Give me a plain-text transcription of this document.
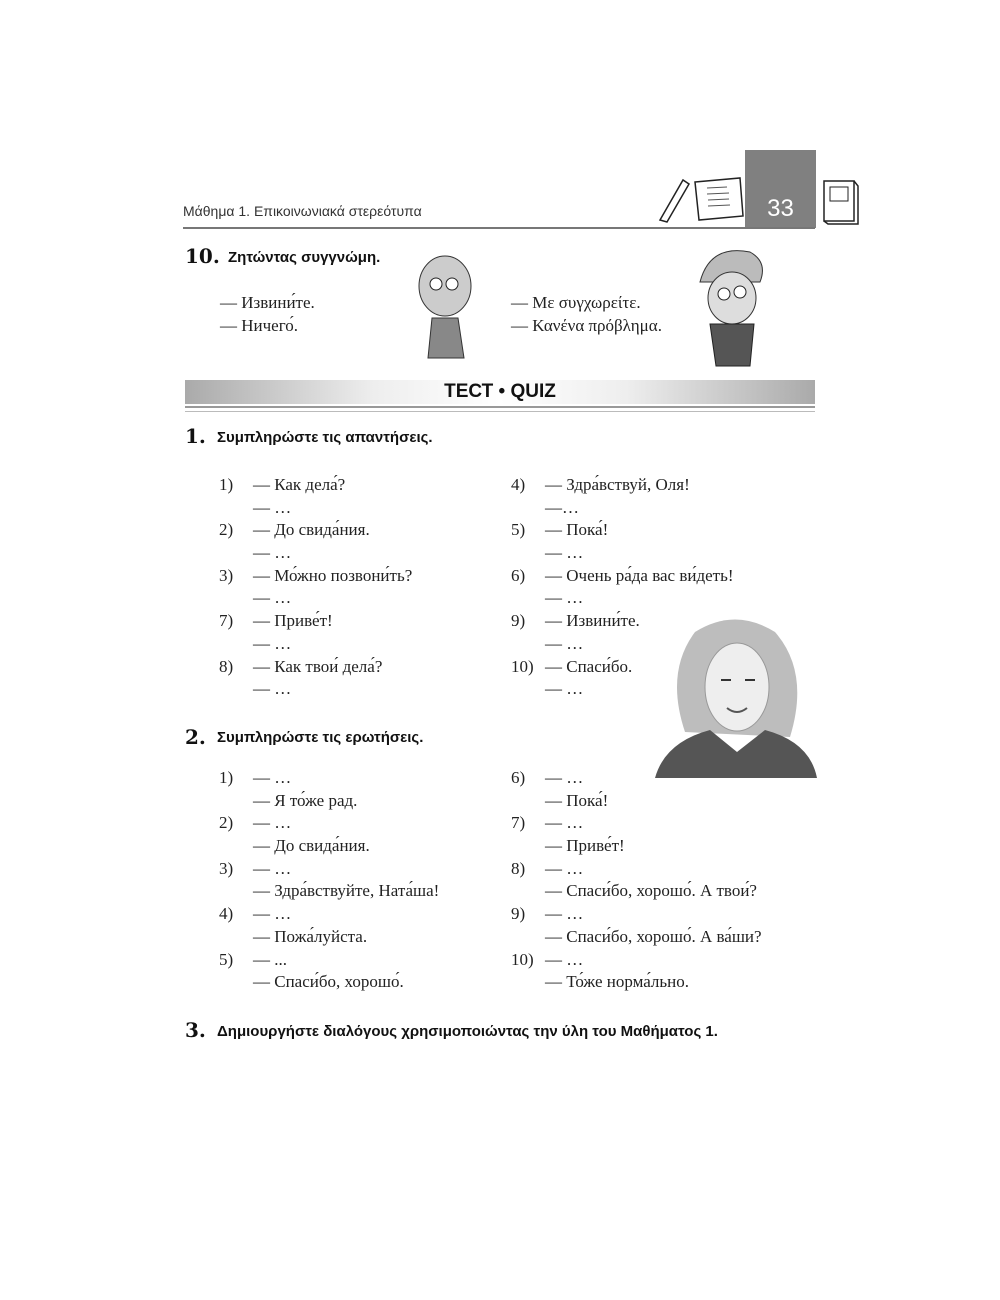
Μάθημα 1. Επικοινωνιακά στερεότυπα	33
10. Ζητώντας συγγνώμη.
— Извини́те.
— Ничего́.
— Με συγχωρείτε.
— Κανένα πρόβλημα.
ТЕСТ • QUIZ
1. Συμπληρώστε τις απαντήσεις.
1) — Как дела́?
— …
2) — До свида́ния.
— …
3) — Мо́жно позвони́ть?
— …
7) — Приве́т!
— …
8) — Как твои́ дела́?
— …
4) — Здра́вствуй, Оля!
—…
5) — Пока́!
— …
6) — Очень ра́да вас ви́деть!
— …
9) — Извини́те.
— …
10) — Спаси́бо.
— …
2. Συμπληρώστε τις ερωτήσεις.
1) — …
— Я то́же рад.
2) — …
— До свида́ния.
3) — …
— Здра́вствуйте, Ната́ша!
4) — …
— Пожа́луйста.
5) — ...
— Спаси́бо, хорошо́.
6) — …
— Пока́!
7) — …
— Приве́т!
8) — …
— Спаси́бо, хорошо́. А твои́?
9) — …
— Спаси́бо, хорошо́. А ва́ши?
10) — …
— То́же норма́льно.
3. Δημιουργήστε διαλόγους χρησιμοποιώντας την ύλη του Μαθήματος 1.
